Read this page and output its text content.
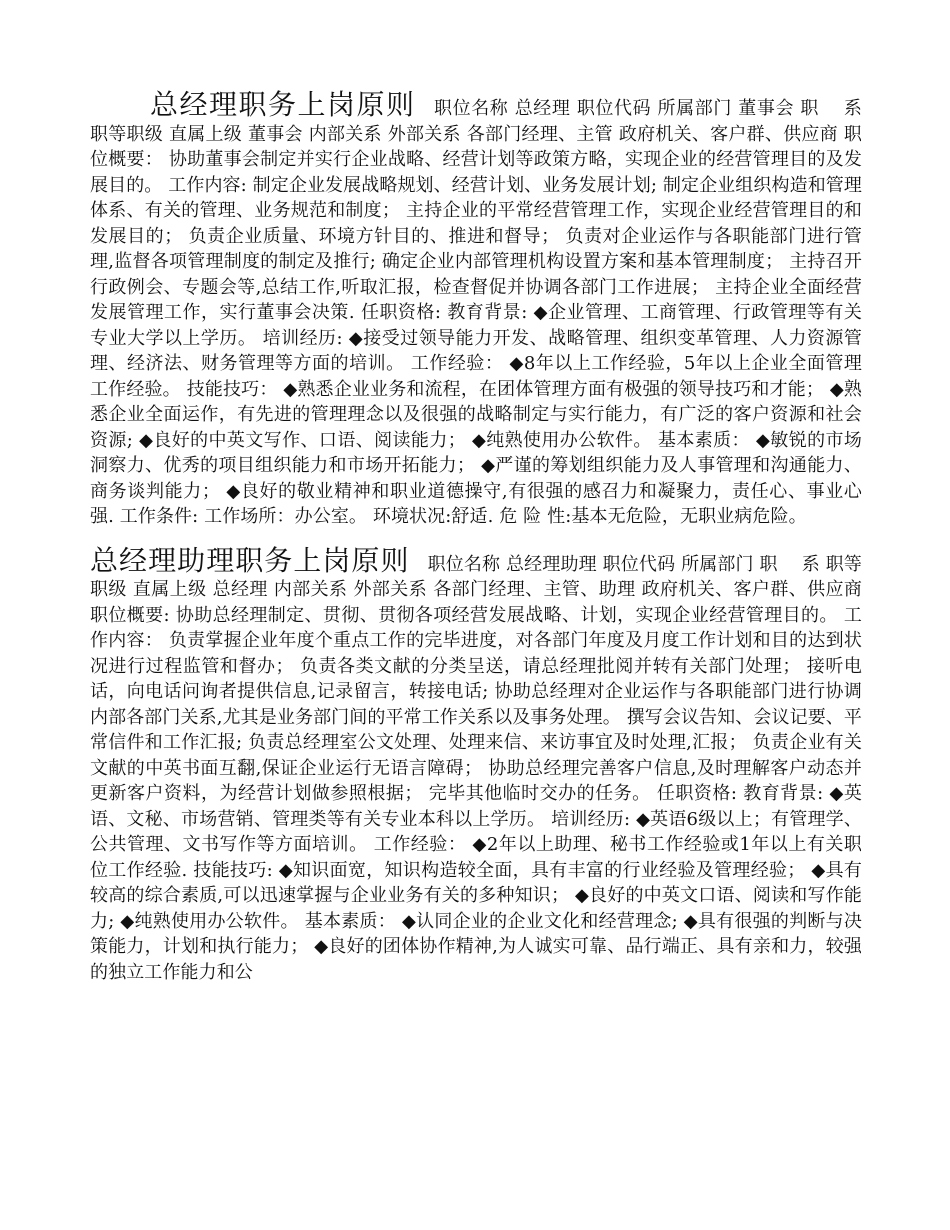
总经理职务上岗原则 职位名称 总经理 职位代码 所属部门 董事会 职　 系 职等职级 直属上级 董事会 内部关系 外部关系 各部门经理、主管 政府机关、客户群、供应商 职位概要： 协助董事会制定并实行企业战略、经营计划等政策方略，实现企业的经营管理目的及发展目的。 工作内容: 制定企业发展战略规划、经营计划、业务发展计划; 制定企业组织构造和管理体系、有关的管理、业务规范和制度； 主持企业的平常经营管理工作，实现企业经营管理目的和发展目的； 负责企业质量、环境方针目的、推进和督导； 负责对企业运作与各职能部门进行管理,监督各项管理制度的制定及推行; 确定企业内部管理机构设置方案和基本管理制度； 主持召开行政例会、专题会等,总结工作,听取汇报，检查督促并协调各部门工作进展； 主持企业全面经营发展管理工作，实行董事会决策. 任职资格: 教育背景: ◆企业管理、工商管理、行政管理等有关专业大学以上学历。 培训经历: ◆接受过领导能力开发、战略管理、组织变革管理、人力资源管理、经济法、财务管理等方面的培训。 工作经验： ◆8年以上工作经验，5年以上企业全面管理工作经验。 技能技巧： ◆熟悉企业业务和流程，在团体管理方面有极强的领导技巧和才能； ◆熟悉企业全面运作，有先进的管理理念以及很强的战略制定与实行能力，有广泛的客户资源和社会资源; ◆良好的中英文写作、口语、阅读能力； ◆纯熟使用办公软件。 基本素质： ◆敏锐的市场洞察力、优秀的项目组织能力和市场开拓能力； ◆严谨的筹划组织能力及人事管理和沟通能力、商务谈判能力； ◆良好的敬业精神和职业道德操守,有很强的感召力和凝聚力，责任心、事业心强. 工作条件: 工作场所：办公室。 环境状况:舒适. 危 险 性:基本无危险，无职业病危险。
总经理助理职务上岗原则 职位名称 总经理助理 职位代码 所属部门 职　 系 职等职级 直属上级 总经理 内部关系 外部关系 各部门经理、主管、助理 政府机关、客户群、供应商 职位概要: 协助总经理制定、贯彻、贯彻各项经营发展战略、计划，实现企业经营管理目的。 工作内容： 负责掌握企业年度个重点工作的完毕进度，对各部门年度及月度工作计划和目的达到状况进行过程监管和督办； 负责各类文献的分类呈送，请总经理批阅并转有关部门处理； 接听电话，向电话问询者提供信息,记录留言，转接电话; 协助总经理对企业运作与各职能部门进行协调内部各部门关系,尤其是业务部门间的平常工作关系以及事务处理。 撰写会议告知、会议记要、平常信件和工作汇报; 负责总经理室公文处理、处理来信、来访事宜及时处理,汇报； 负责企业有关文献的中英书面互翻,保证企业运行无语言障碍； 协助总经理完善客户信息,及时理解客户动态并更新客户资料，为经营计划做参照根据； 完毕其他临时交办的任务。 任职资格: 教育背景: ◆英语、文秘、市场营销、管理类等有关专业本科以上学历。 培训经历: ◆英语6级以上；有管理学、公共管理、文书写作等方面培训。 工作经验： ◆2年以上助理、秘书工作经验或1年以上有关职位工作经验. 技能技巧: ◆知识面宽，知识构造较全面，具有丰富的行业经验及管理经验； ◆具有较高的综合素质,可以迅速掌握与企业业务有关的多种知识； ◆良好的中英文口语、阅读和写作能力; ◆纯熟使用办公软件。 基本素质： ◆认同企业的企业文化和经营理念; ◆具有很强的判断与决策能力，计划和执行能力； ◆良好的团体协作精神,为人诚实可靠、品行端正、具有亲和力，较强的独立工作能力和公
